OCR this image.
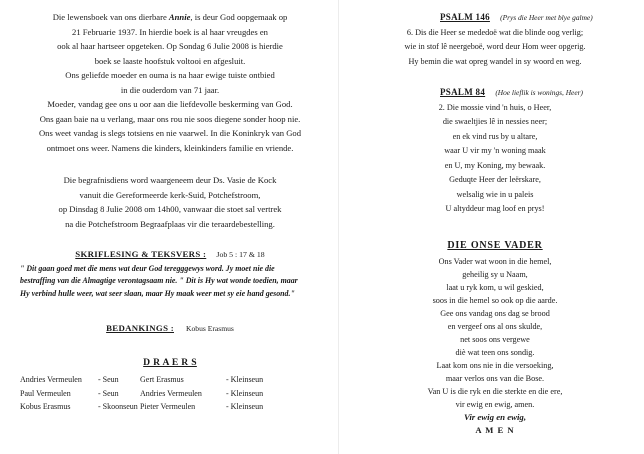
Die lewensboek van ons dierbare Annie, is deur God oopgemaak op
21 Februarie 1937. In hierdie boek is al haar vreugdes en
ook al haar hartseer opgeteken. Op Sondag 6 Julie 2008 is hierdie
boek se laaste hoofstuk voltooi en afgesluit.
Ons geliefde moeder en ouma is na haar ewige tuiste ontbied
in die ouderdom van 71 jaar.
Moeder, vandag gee ons u oor aan die liefdevolle beskerming van God.
Ons gaan baie na u verlang, maar ons rou nie soos diegene sonder hoop nie.
Ons weet vandag is slegs totsiens en nie vaarwel. In die Koninkryk van God
ontmoet ons weer. Namens die kinders, kleinkinders familie en vriende.
Die begrafnisdiens word waargeneem deur Ds. Vasie de Kock
vanuit die Gereformeerde kerk-Suid, Potchefstroom,
op Dinsdag 8 Julie 2008 om 14h00, vanwaar die stoet sal vertrek
na die Potchefstroom Begraafplaas vir die teraardebestelling.
SKRIFLESING & TEKSVERS : Job 5 : 17 & 18
" Dit gaan goed met die mens wat deur God teregggewys word. Jy moet nie die
bestraffing van die Almagtige verontagsaam nie. " Dit is Hy wat wonde toedien, maar
Hy verbind hulle weer, wat seer slaan, maar Hy maak weer met sy eie hand gesond."
BEDANKINGS : Kobus Erasmus
D R A E R S
Andries Vermeulen	- Seun	Gert Erasmus	- Kleinseun
Paul Vermeulen	- Seun	Andries Vermeulen	- Kleinseun
Kobus Erasmus	- Skoonseun Pieter Vermeulen	- Kleinseun
PSALM 146 (Prys die Heer met blye galme)
6. Dis die Heer se mededoë wat die blinde oog verlig;
wie in stof lê neergeboë, word deur Hom weer opgerig.
Hy bemin die wat opreg wandel in sy woord en weg.
PSALM 84 (Hoe lieflik is wonings, Heer)
2. Die mossie vind 'n huis, o Heer,
die swaeltjies lê in nessies neer;
en ek vind rus by u altare,
waar U vir my 'n woning maak
en U, my Koning, my bewaak.
Geduqte Heer der leërskare,
welsalig wie in u paleis
U altyddeur mag loof en prys!
DIE ONSE VADER
Ons Vader wat woon in die hemel,
geheilig sy u Naam,
laat u ryk kom, u wil geskied,
soos in die hemel so ook op die aarde.
Gee ons vandag ons dag se brood
en vergeef ons al ons skulde,
net soos ons vergewe
diè wat teen ons sondig.
Laat kom ons nie in die versoeking,
maar verlos ons van die Bose.
Van U is die ryk en die sterkte en die ere,
vir ewig en ewig, amen.
Vir ewig en ewig,
A M E N
